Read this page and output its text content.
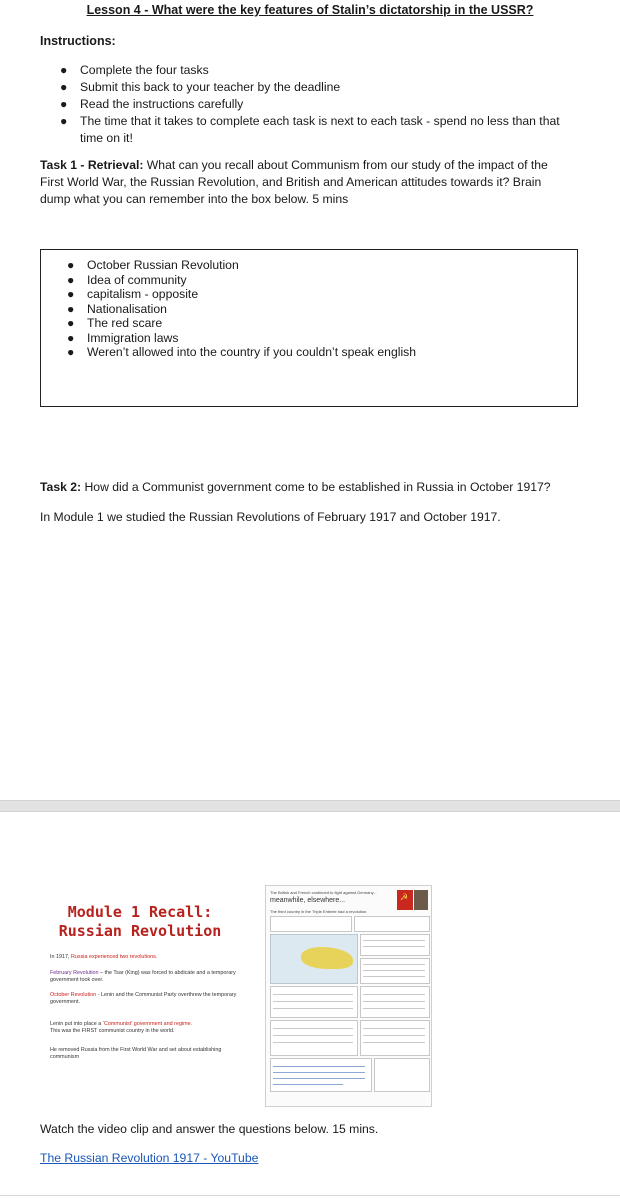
Lesson 4 - What were the key features of Stalin’s dictatorship in the USSR?
Instructions:
● Complete the four tasks
● Submit this back to your teacher by the deadline
● Read the instructions carefully
● The time that it takes to complete each task is next to each task - spend no less than that time on it!
Task 1 - Retrieval: What can you recall about Communism from our study of the impact of the First World War, the Russian Revolution, and British and American attitudes towards it? Brain dump what you can remember into the box below. 5 mins
● October Russian Revolution
● Idea of community
● capitalism - opposite
● Nationalisation
● The red scare
● Immigration laws
● Weren’t allowed into the country if you couldn’t speak english
Task 2: How did a Communist government come to be established in Russia in October 1917?
In Module 1 we studied the Russian Revolutions of February 1917 and October 1917.
Module 1 Recall:
Russian Revolution
In 1917, Russia experienced two revolutions.
February Revolution – the Tsar (King) was forced to abdicate and a temporary government took over.
October Revolution - Lenin and the Communist Party overthrew the temporary government.
Lenin put into place a ‘Communist’ government and regime.
This was the FIRST communist country in the world.
He removed Russia from the First World War and set about establishing communism
The British and French continued to fight against Germany...
meanwhile, elsewhere...
The third country in the Triple Entente had a revolution.
☭
Watch the video clip and answer the questions below. 15 mins.
The Russian Revolution 1917 - YouTube
